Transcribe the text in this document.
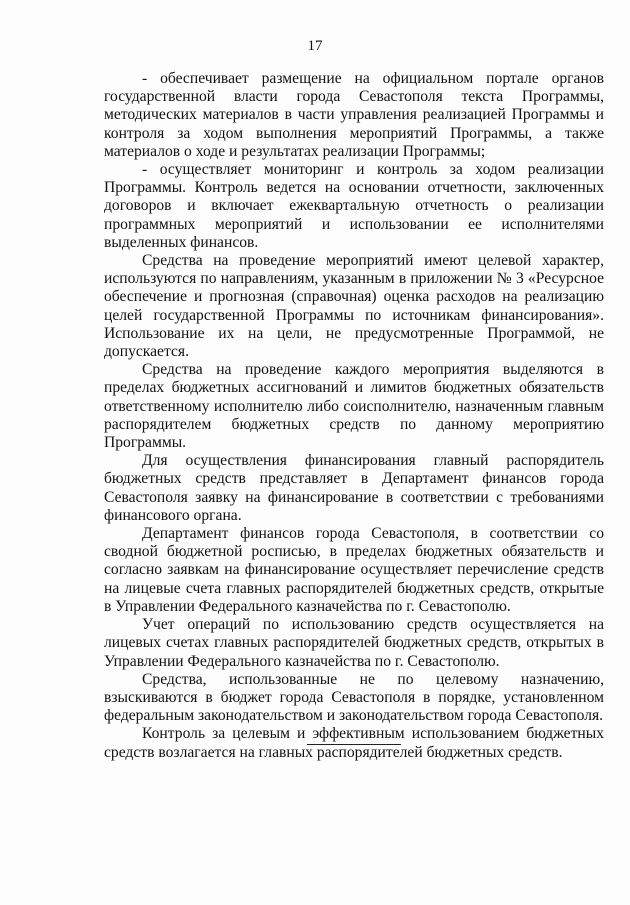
17

- обеспечивает размещение на официальном портале органов государственной власти города Севастополя текста Программы, методических материалов в части управления реализацией Программы и контроля за ходом выполнения мероприятий Программы, а также материалов о ходе и результатах реализации Программы;

- осуществляет мониторинг и контроль за ходом реализации Программы. Контроль ведется на основании отчетности, заключенных договоров и включает ежеквартальную отчетность о реализации программных мероприятий и использовании ее исполнителями выделенных финансов.

Средства на проведение мероприятий имеют целевой характер, используются по направлениям, указанным в приложении № 3 «Ресурсное обеспечение и прогнозная (справочная) оценка расходов на реализацию целей государственной Программы по источникам финансирования». Использование их на цели, не предусмотренные Программой, не допускается.

Средства на проведение каждого мероприятия выделяются в пределах бюджетных ассигнований и лимитов бюджетных обязательств ответственному исполнителю либо соисполнителю, назначенным главным распорядителем бюджетных средств по данному мероприятию Программы.

Для осуществления финансирования главный распорядитель бюджетных средств представляет в Департамент финансов города Севастополя заявку на финансирование в соответствии с требованиями финансового органа.

Департамент финансов города Севастополя, в соответствии со сводной бюджетной росписью, в пределах бюджетных обязательств и согласно заявкам на финансирование осуществляет перечисление средств на лицевые счета главных распорядителей бюджетных средств, открытые в Управлении Федерального казначейства по г. Севастополю.

Учет операций по использованию средств осуществляется на лицевых счетах главных распорядителей бюджетных средств, открытых в Управлении Федерального казначейства по г. Севастополю.

Средства, использованные не по целевому назначению, взыскиваются в бюджет города Севастополя в порядке, установленном федеральным законодательством и законодательством города Севастополя.

Контроль за целевым и эффективным использованием бюджетных средств возлагается на главных распорядителей бюджетных средств.
